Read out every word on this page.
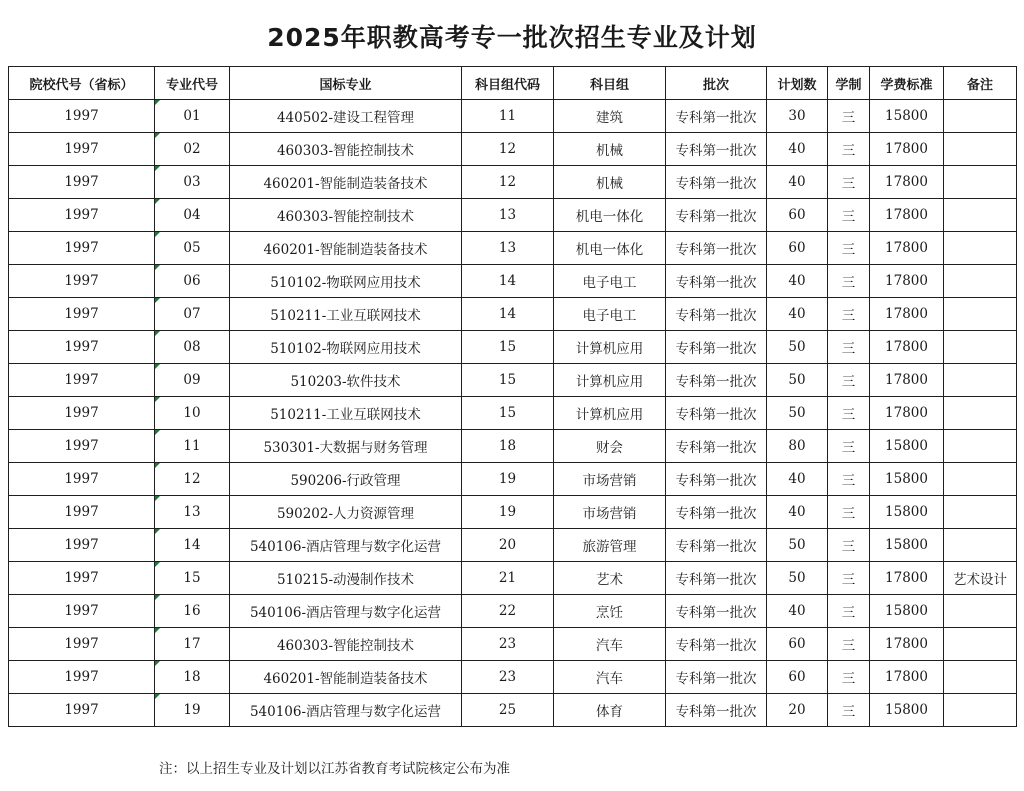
2025年职教高考专一批次招生专业及计划
院校代号（省标）	专业代号	国标专业	科目组代码	科目组	批次	计划数	学制	学费标准	备注
1997	01	440502-建设工程管理	11	建筑	专科第一批次	30	三	15800	
1997	02	460303-智能控制技术	12	机械	专科第一批次	40	三	17800	
1997	03	460201-智能制造装备技术	12	机械	专科第一批次	40	三	17800	
1997	04	460303-智能控制技术	13	机电一体化	专科第一批次	60	三	17800	
1997	05	460201-智能制造装备技术	13	机电一体化	专科第一批次	60	三	17800	
1997	06	510102-物联网应用技术	14	电子电工	专科第一批次	40	三	17800	
1997	07	510211-工业互联网技术	14	电子电工	专科第一批次	40	三	17800	
1997	08	510102-物联网应用技术	15	计算机应用	专科第一批次	50	三	17800	
1997	09	510203-软件技术	15	计算机应用	专科第一批次	50	三	17800	
1997	10	510211-工业互联网技术	15	计算机应用	专科第一批次	50	三	17800	
1997	11	530301-大数据与财务管理	18	财会	专科第一批次	80	三	15800	
1997	12	590206-行政管理	19	市场营销	专科第一批次	40	三	15800	
1997	13	590202-人力资源管理	19	市场营销	专科第一批次	40	三	15800	
1997	14	540106-酒店管理与数字化运营	20	旅游管理	专科第一批次	50	三	15800	
1997	15	510215-动漫制作技术	21	艺术	专科第一批次	50	三	17800	艺术设计
1997	16	540106-酒店管理与数字化运营	22	烹饪	专科第一批次	40	三	15800	
1997	17	460303-智能控制技术	23	汽车	专科第一批次	60	三	17800	
1997	18	460201-智能制造装备技术	23	汽车	专科第一批次	60	三	17800	
1997	19	540106-酒店管理与数字化运营	25	体育	专科第一批次	20	三	15800	
注：以上招生专业及计划以江苏省教育考试院核定公布为准
